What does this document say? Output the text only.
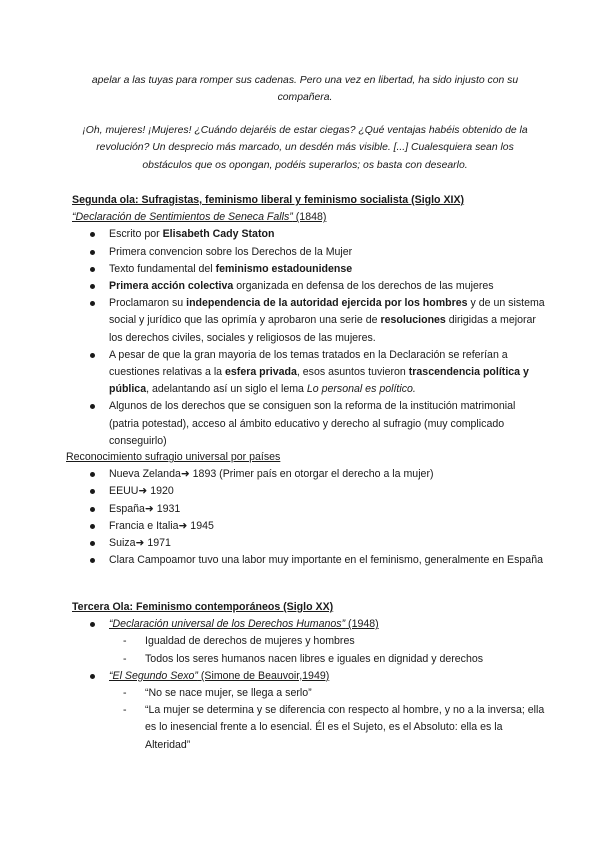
apelar a las tuyas para romper sus cadenas. Pero una vez en libertad, ha sido injusto con su compañera.
¡Oh, mujeres! ¡Mujeres! ¿Cuándo dejaréis de estar ciegas? ¿Qué ventajas habéis obtenido de la revolución? Un desprecio más marcado, un desdén más visible. [...] Cualesquiera sean los obstáculos que os opongan, podéis superarlos; os basta con desearlo.
Segunda ola: Sufragistas, feminismo liberal y feminismo socialista (Siglo XIX)
“Declaración de Sentimientos de Seneca Falls” (1848)
Escrito por Elisabeth Cady Staton
Primera convencion sobre los Derechos de la Mujer
Texto fundamental del feminismo estadounidense
Primera acción colectiva organizada en defensa de los derechos de las mujeres
Proclamaron su independencia de la autoridad ejercida por los hombres y de un sistema social y jurídico que las oprimía y aprobaron una serie de resoluciones dirigidas a mejorar los derechos civiles, sociales y religiosos de las mujeres.
A pesar de que la gran mayoria de los temas tratados en la Declaración se referían a cuestiones relativas a la esfera privada, esos asuntos tuvieron trascendencia política y pública, adelantando así un siglo el lema Lo personal es político.
Algunos de los derechos que se consiguen son la reforma de la institución matrimonial (patria potestad), acceso al ámbito educativo y derecho al sufragio (muy complicado conseguirlo)
Reconocimiento sufragio universal por países
Nueva Zelanda➜ 1893 (Primer país en otorgar el derecho a la mujer)
EEUU➜ 1920
España➜ 1931
Francia e Italia➜ 1945
Suiza➜ 1971
Clara Campoamor tuvo una labor muy importante en el feminismo, generalmente en España
Tercera Ola: Feminismo contemporáneos (Siglo XX)
“Declaración universal de los Derechos Humanos” (1948)
- Igualdad de derechos de mujeres y hombres
- Todos los seres humanos nacen libres e iguales en dignidad y derechos
“El Segundo Sexo” (Simone de Beauvoir,1949)
- “No se nace mujer, se llega a serlo”
- “La mujer se determina y se diferencia con respecto al hombre, y no a la inversa; ella es lo inesencial frente a lo esencial. Él es el Sujeto, es el Absoluto: ella es la Alteridad”
